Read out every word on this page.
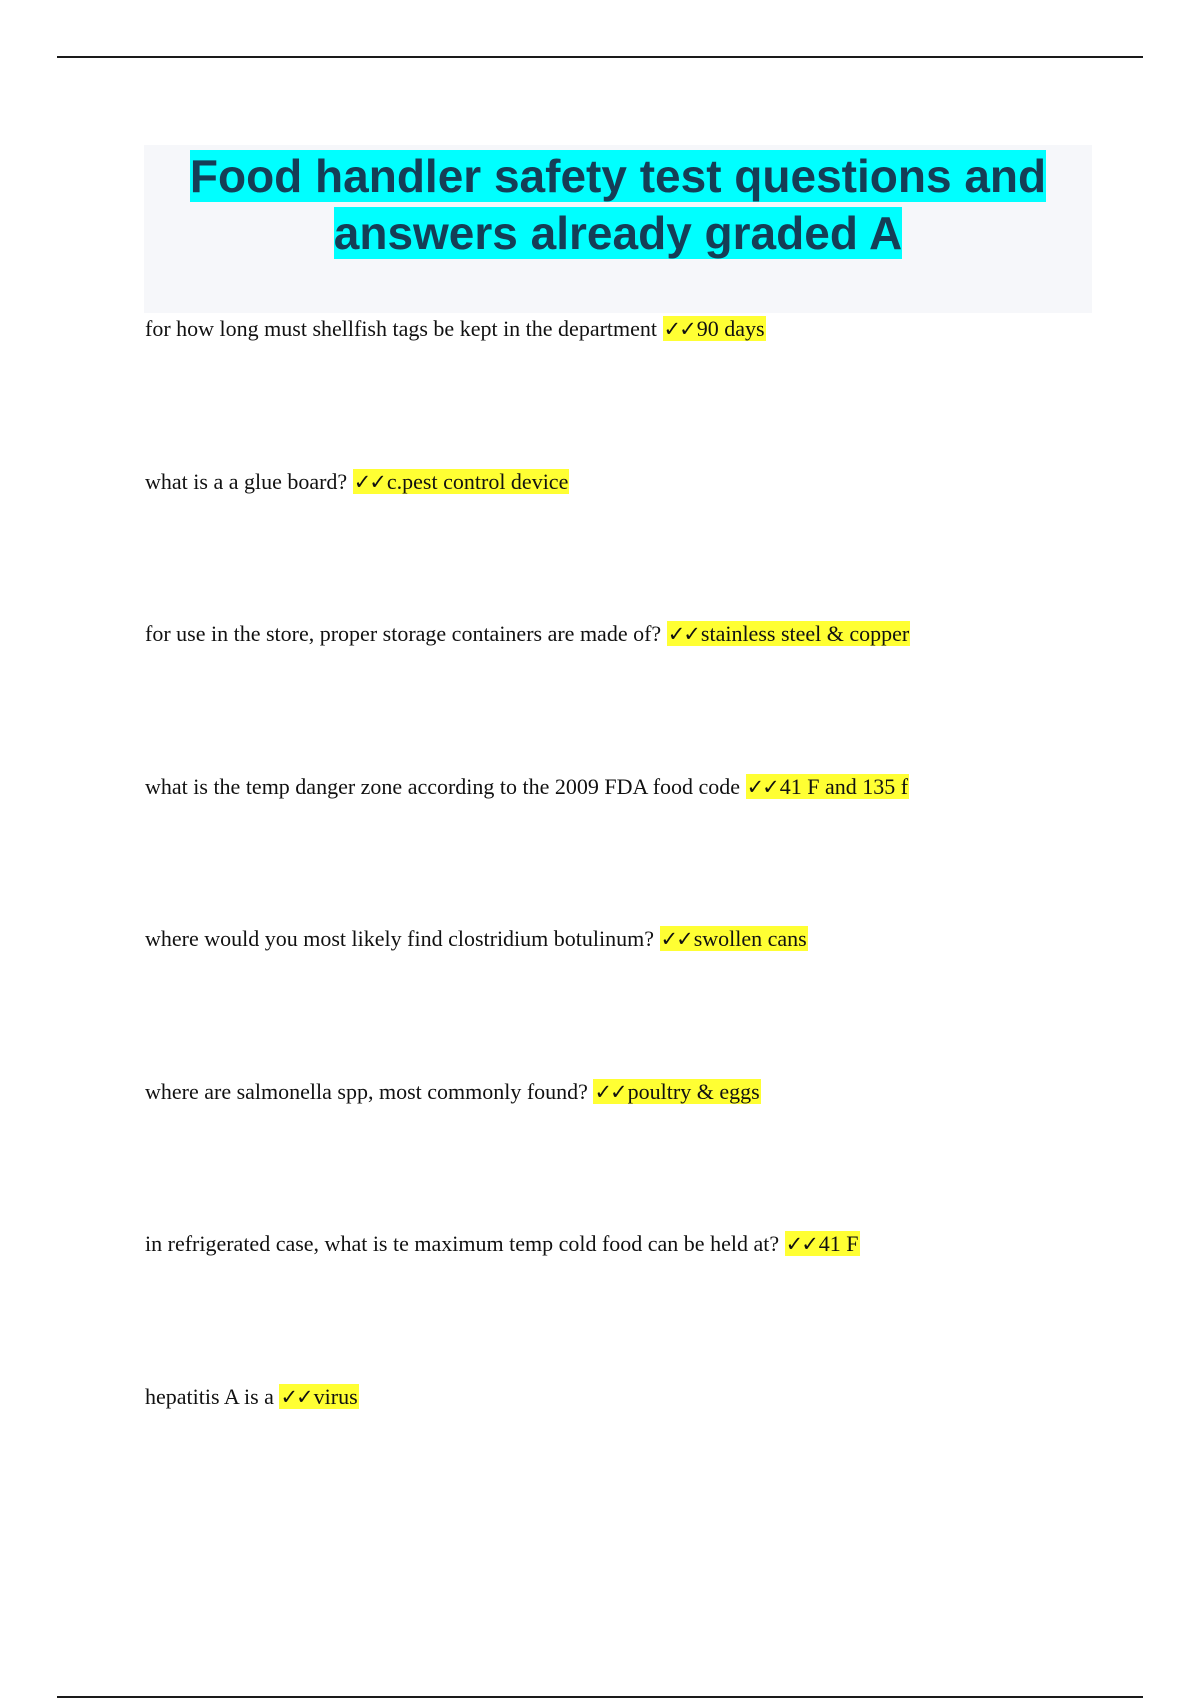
Food handler safety test questions and answers already graded A
for how long must shellfish tags be kept in the department ✓✓90 days
what is a a glue board? ✓✓c.pest control device
for use in the store, proper storage containers are made of? ✓✓stainless steel & copper
what is the temp danger zone according to the 2009 FDA food code ✓✓41 F and 135 f
where would you most likely find clostridium botulinum? ✓✓swollen cans
where are salmonella spp, most commonly found? ✓✓poultry & eggs
in refrigerated case, what is te maximum temp cold food can be held at? ✓✓41 F
hepatitis A is a ✓✓virus
